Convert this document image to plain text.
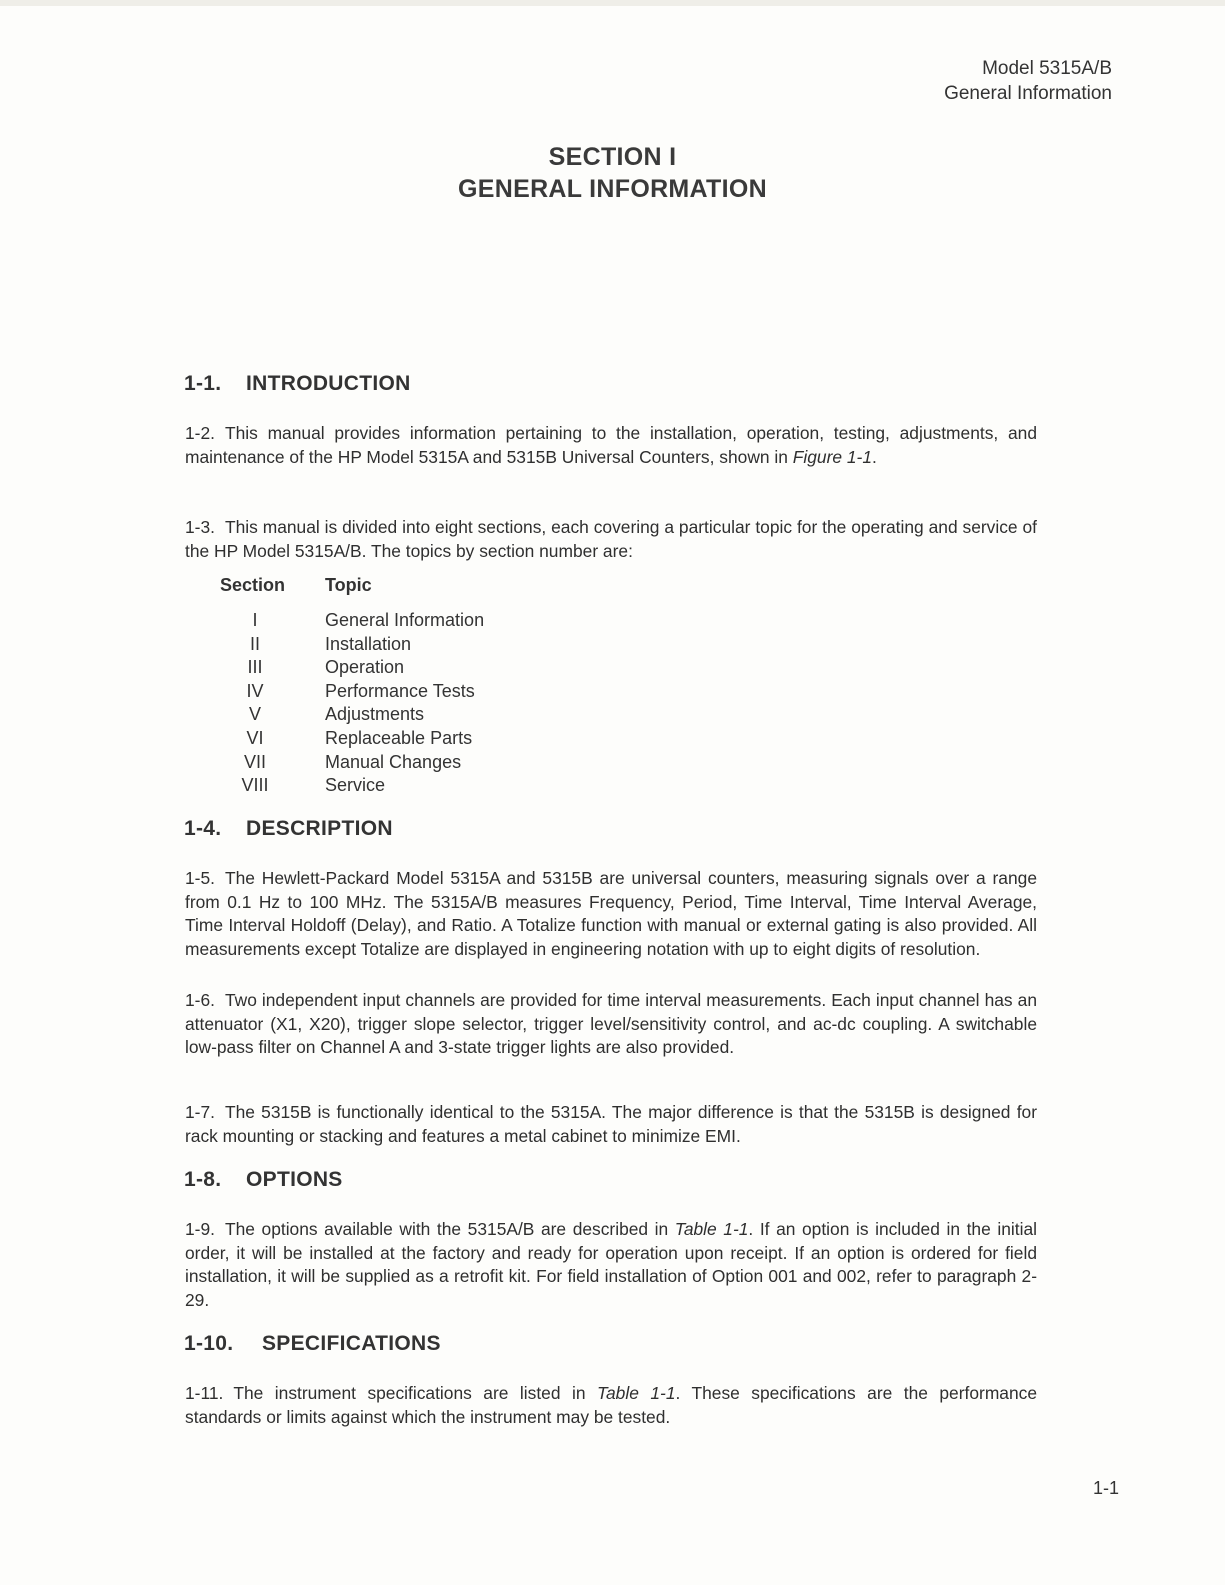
Model 5315A/B
General Information
SECTION I
GENERAL INFORMATION
1-1. INTRODUCTION
1-2. This manual provides information pertaining to the installation, operation, testing, adjustments, and maintenance of the HP Model 5315A and 5315B Universal Counters, shown in Figure 1-1.
1-3. This manual is divided into eight sections, each covering a particular topic for the operating and service of the HP Model 5315A/B. The topics by section number are:
Section Topic
I	General Information
II	Installation
III	Operation
IV	Performance Tests
V	Adjustments
VI	Replaceable Parts
VII	Manual Changes
VIII	Service
1-4. DESCRIPTION
1-5. The Hewlett-Packard Model 5315A and 5315B are universal counters, measuring signals over a range from 0.1 Hz to 100 MHz. The 5315A/B measures Frequency, Period, Time Interval, Time Interval Average, Time Interval Holdoff (Delay), and Ratio. A Totalize function with manual or external gating is also provided. All measurements except Totalize are displayed in engineering notation with up to eight digits of resolution.
1-6. Two independent input channels are provided for time interval measurements. Each input channel has an attenuator (X1, X20), trigger slope selector, trigger level/sensitivity control, and ac-dc coupling. A switchable low-pass filter on Channel A and 3-state trigger lights are also provided.
1-7. The 5315B is functionally identical to the 5315A. The major difference is that the 5315B is designed for rack mounting or stacking and features a metal cabinet to minimize EMI.
1-8. OPTIONS
1-9. The options available with the 5315A/B are described in Table 1-1. If an option is included in the initial order, it will be installed at the factory and ready for operation upon receipt. If an option is ordered for field installation, it will be supplied as a retrofit kit. For field installation of Option 001 and 002, refer to paragraph 2-29.
1-10. SPECIFICATIONS
1-11. The instrument specifications are listed in Table 1-1. These specifications are the performance standards or limits against which the instrument may be tested.
1-1
